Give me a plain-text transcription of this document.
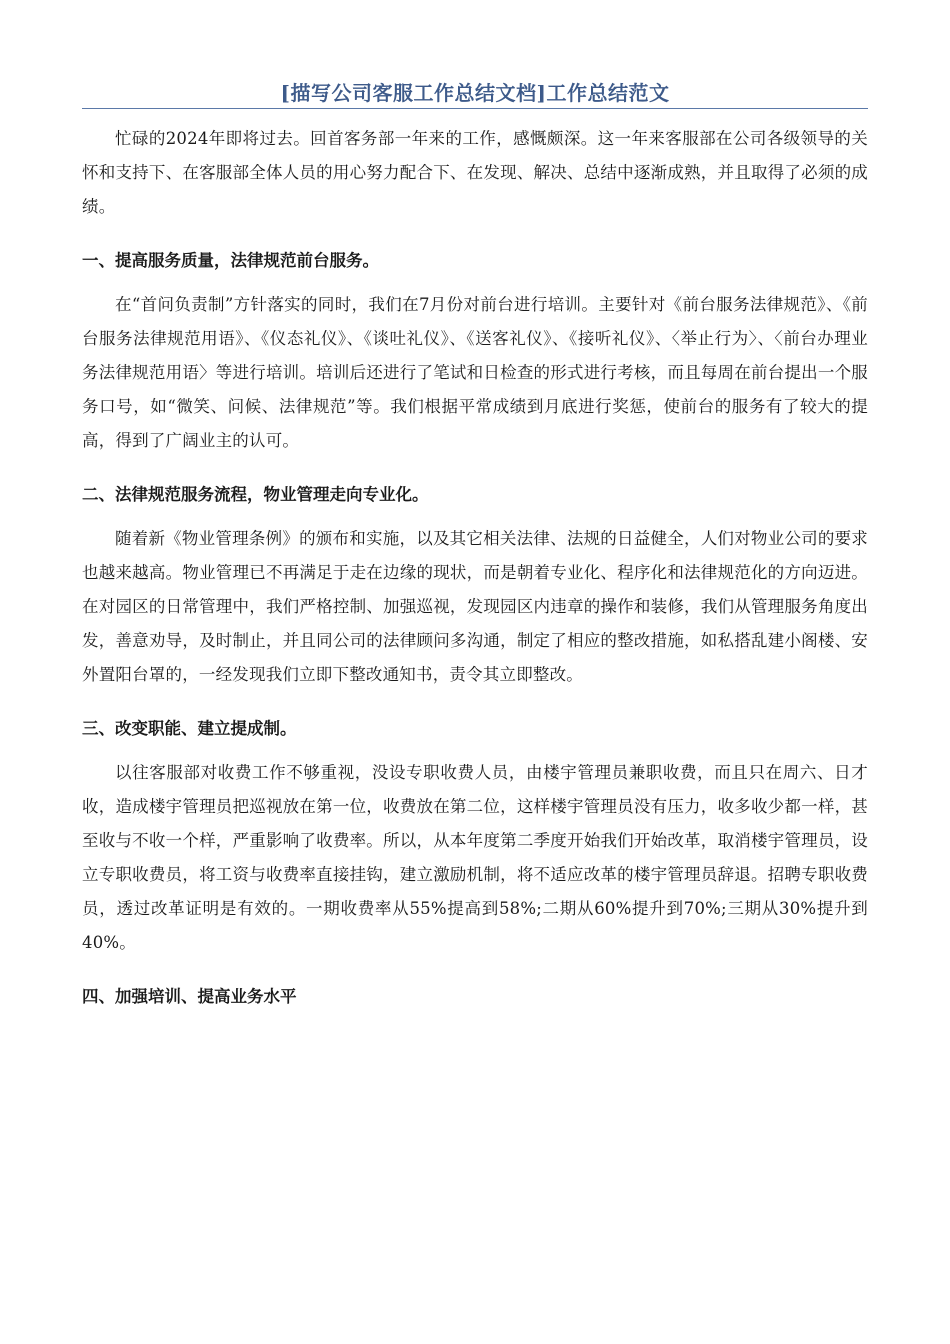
[描写公司客服工作总结文档]工作总结范文

忙碌的2024年即将过去。回首客务部一年来的工作，感慨颇深。这一年来客服部在公司各级领导的关怀和支持下、在客服部全体人员的用心努力配合下、在发现、解决、总结中逐渐成熟，并且取得了必须的成绩。

一、提高服务质量，法律规范前台服务。

在“首问负责制”方针落实的同时，我们在7月份对前台进行培训。主要针对《前台服务法律规范》、《前台服务法律规范用语》、《仪态礼仪》、《谈吐礼仪》、《送客礼仪》、《接听礼仪》、〈举止行为〉、〈前台办理业务法律规范用语〉等进行培训。培训后还进行了笔试和日检查的形式进行考核，而且每周在前台提出一个服务口号，如“微笑、问候、法律规范”等。我们根据平常成绩到月底进行奖惩，使前台的服务有了较大的提高，得到了广阔业主的认可。

二、法律规范服务流程，物业管理走向专业化。

随着新《物业管理条例》的颁布和实施，以及其它相关法律、法规的日益健全，人们对物业公司的要求也越来越高。物业管理已不再满足于走在边缘的现状，而是朝着专业化、程序化和法律规范化的方向迈进。在对园区的日常管理中，我们严格控制、加强巡视，发现园区内违章的操作和装修，我们从管理服务角度出发，善意劝导，及时制止，并且同公司的法律顾问多沟通，制定了相应的整改措施，如私搭乱建小阁楼、安外置阳台罩的，一经发现我们立即下整改通知书，责令其立即整改。

三、改变职能、建立提成制。

以往客服部对收费工作不够重视，没设专职收费人员，由楼宇管理员兼职收费，而且只在周六、日才收，造成楼宇管理员把巡视放在第一位，收费放在第二位，这样楼宇管理员没有压力，收多收少都一样，甚至收与不收一个样，严重影响了收费率。所以，从本年度第二季度开始我们开始改革，取消楼宇管理员，设立专职收费员，将工资与收费率直接挂钩，建立激励机制，将不适应改革的楼宇管理员辞退。招聘专职收费员，透过改革证明是有效的。一期收费率从55%提高到58%;二期从60%提升到70%;三期从30%提升到40%。

四、加强培训、提高业务水平
